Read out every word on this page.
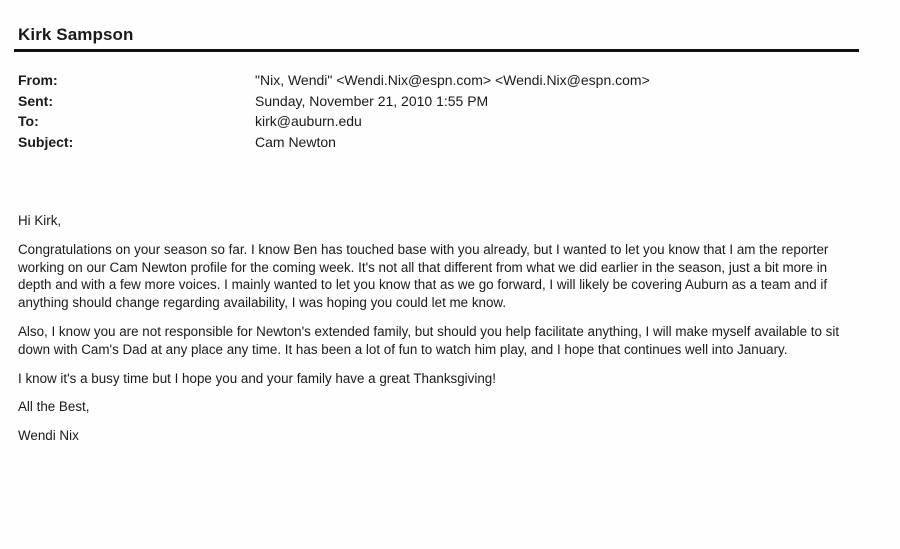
Kirk Sampson
From:	"Nix, Wendi" <Wendi.Nix@espn.com> <Wendi.Nix@espn.com>
Sent:	Sunday, November 21, 2010 1:55 PM
To:	kirk@auburn.edu
Subject:	Cam Newton

Hi Kirk,

Congratulations on your season so far. I know Ben has touched base with you already, but I wanted to let you know that I am the reporter working on our Cam Newton profile for the coming week. It's not all that different from what we did earlier in the season, just a bit more in depth and with a few more voices. I mainly wanted to let you know that as we go forward, I will likely be covering Auburn as a team and if anything should change regarding availability, I was hoping you could let me know.

Also, I know you are not responsible for Newton's extended family, but should you help facilitate anything, I will make myself available to sit down with Cam's Dad at any place any time. It has been a lot of fun to watch him play, and I hope that continues well into January.

I know it's a busy time but I hope you and your family have a great Thanksgiving!

All the Best,

Wendi Nix
